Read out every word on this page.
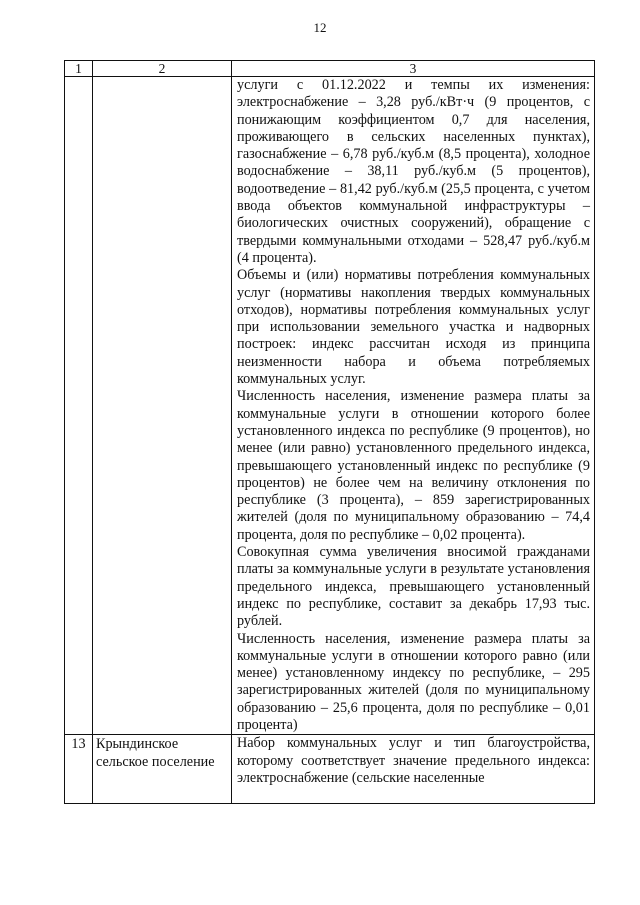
12
1	2	3

		услуги с 01.12.2022 и темпы их изменения: электроснабжение – 3,28 руб./кВт·ч (9 процентов, с понижающим коэффициентом 0,7 для населения, проживающего в сельских населенных пунктах), газоснабжение – 6,78 руб./куб.м (8,5 процента), холодное водоснабжение – 38,11 руб./куб.м (5 процентов), водоотведение – 81,42 руб./куб.м (25,5 процента, с учетом ввода объектов коммунальной инфраструктуры – биологических очистных сооружений), обращение с твердыми коммунальными отходами – 528,47 руб./куб.м (4 процента).

Объемы и (или) нормативы потребления коммунальных услуг (нормативы накопления твердых коммунальных отходов), нормативы потребления коммунальных услуг при использовании земельного участка и надворных построек: индекс рассчитан исходя из принципа неизменности набора и объема потребляемых коммунальных услуг.

Численность населения, изменение размера платы за коммунальные услуги в отношении которого более установленного индекса по республике (9 процентов), но менее (или равно) установленного предельного индекса, превышающего установленный индекс по республике (9 процентов) не более чем на величину отклонения по республике (3 процента), – 859 зарегистрированных жителей (доля по муниципальному образованию – 74,4 процента, доля по республике – 0,02 процента).

Совокупная сумма увеличения вносимой гражданами платы за коммунальные услуги в результате установления предельного индекса, превышающего установленный индекс по республике, составит за декабрь 17,93 тыс. рублей.

Численность населения, изменение размера платы за коммунальные услуги в отношении которого равно (или менее) установленному индексу по республике, – 295 зарегистрированных жителей (доля по муниципальному образованию – 25,6 процента, доля по республике – 0,01 процента)

13	Крындинское сельское поселение	Набор коммунальных услуг и тип благоустройства, которому соответствует значение предельного индекса: электроснабжение (сельские населенные
